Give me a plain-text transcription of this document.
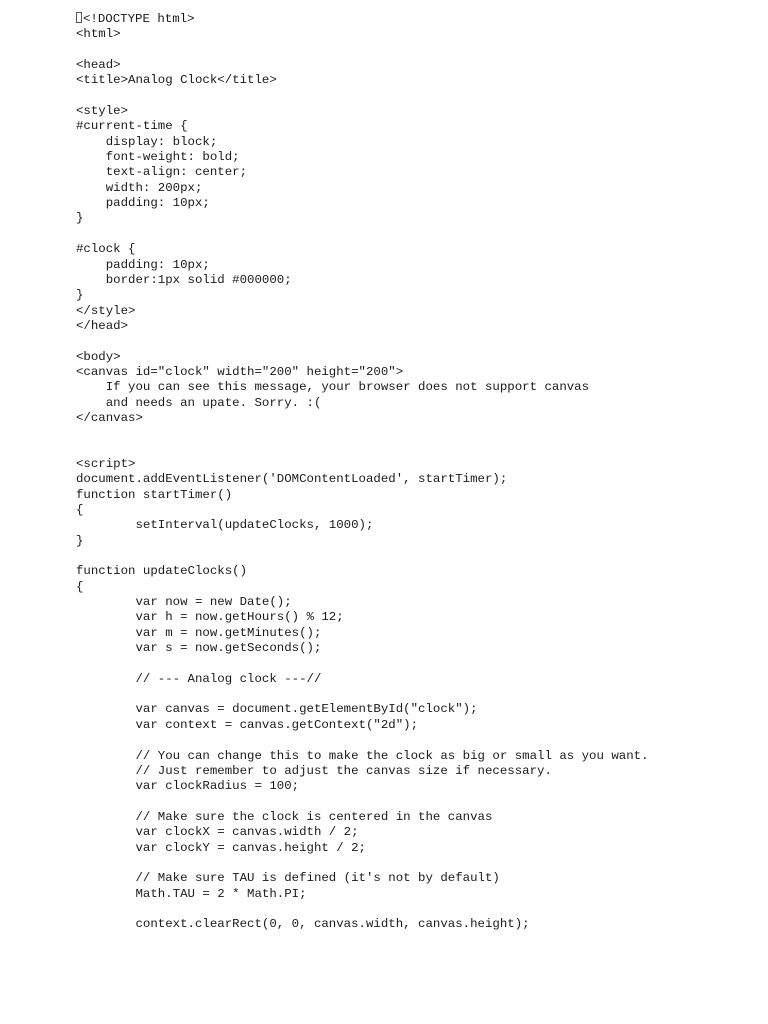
<!DOCTYPE html>
<html>
<head>
<title>Analog Clock</title>
<style>
#current-time {
display: block;
font-weight: bold;
text-align: center;
width: 200px;
padding: 10px;
}
#clock {
padding: 10px;
border:1px solid #000000;
}
</style>
</head>
<body>
<canvas id="clock" width="200" height="200">
If you can see this message, your browser does not support canvas
and needs an upate. Sorry. :(
</canvas>
<script>
document.addEventListener('DOMContentLoaded', startTimer);
function startTimer()
{
setInterval(updateClocks, 1000);
}
function updateClocks()
{
var now = new Date();
var h = now.getHours() % 12;
var m = now.getMinutes();
var s = now.getSeconds();
// --- Analog clock ---//
var canvas = document.getElementById("clock");
var context = canvas.getContext("2d");
// You can change this to make the clock as big or small as you want.
// Just remember to adjust the canvas size if necessary.
var clockRadius = 100;
// Make sure the clock is centered in the canvas
var clockX = canvas.width / 2;
var clockY = canvas.height / 2;
// Make sure TAU is defined (it's not by default)
Math.TAU = 2 * Math.PI;
context.clearRect(0, 0, canvas.width, canvas.height);
